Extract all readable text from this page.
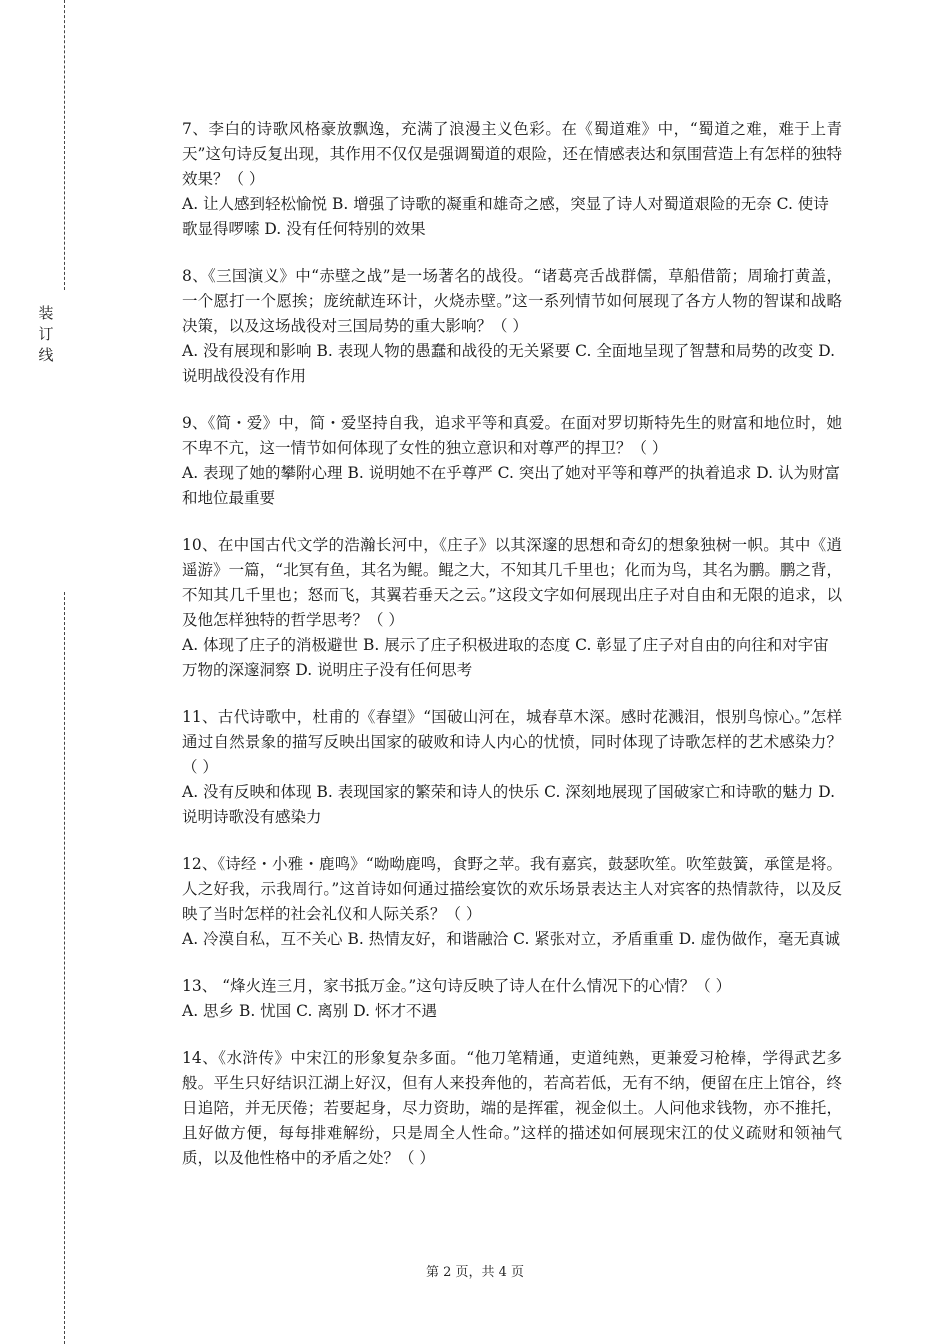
装
订
线

7、李白的诗歌风格豪放飘逸，充满了浪漫主义色彩。在《蜀道难》中，“蜀道之难，难于上青天”这句诗反复出现，其作用不仅仅是强调蜀道的艰险，还在情感表达和氛围营造上有怎样的独特效果？（ ）

A. 让人感到轻松愉悦 B. 增强了诗歌的凝重和雄奇之感，突显了诗人对蜀道艰险的无奈 C. 使诗歌显得啰嗦 D. 没有任何特别的效果

8、《三国演义》中“赤壁之战”是一场著名的战役。“诸葛亮舌战群儒，草船借箭；周瑜打黄盖，一个愿打一个愿挨；庞统献连环计，火烧赤壁。”这一系列情节如何展现了各方人物的智谋和战略决策，以及这场战役对三国局势的重大影响？（ ）

A. 没有展现和影响 B. 表现人物的愚蠢和战役的无关紧要 C. 全面地呈现了智慧和局势的改变 D. 说明战役没有作用

9、《简・爱》中，简・爱坚持自我，追求平等和真爱。在面对罗切斯特先生的财富和地位时，她不卑不亢，这一情节如何体现了女性的独立意识和对尊严的捍卫？（ ）

A. 表现了她的攀附心理 B. 说明她不在乎尊严 C. 突出了她对平等和尊严的执着追求 D. 认为财富和地位最重要

10、在中国古代文学的浩瀚长河中，《庄子》以其深邃的思想和奇幻的想象独树一帜。其中《逍遥游》一篇，“北冥有鱼，其名为鲲。鲲之大，不知其几千里也；化而为鸟，其名为鹏。鹏之背，不知其几千里也；怒而飞，其翼若垂天之云。”这段文字如何展现出庄子对自由和无限的追求，以及他怎样独特的哲学思考？（ ）

A. 体现了庄子的消极避世 B. 展示了庄子积极进取的态度 C. 彰显了庄子对自由的向往和对宇宙万物的深邃洞察 D. 说明庄子没有任何思考

11、古代诗歌中，杜甫的《春望》“国破山河在，城春草木深。感时花溅泪，恨别鸟惊心。”怎样通过自然景象的描写反映出国家的破败和诗人内心的忧愤，同时体现了诗歌怎样的艺术感染力？（ ）

A. 没有反映和体现 B. 表现国家的繁荣和诗人的快乐 C. 深刻地展现了国破家亡和诗歌的魅力 D. 说明诗歌没有感染力

12、《诗经・小雅・鹿鸣》“呦呦鹿鸣，食野之苹。我有嘉宾，鼓瑟吹笙。吹笙鼓簧，承筐是将。人之好我，示我周行。”这首诗如何通过描绘宴饮的欢乐场景表达主人对宾客的热情款待，以及反映了当时怎样的社会礼仪和人际关系？（ ）

A. 冷漠自私，互不关心 B. 热情友好，和谐融洽 C. 紧张对立，矛盾重重 D. 虚伪做作，毫无真诚

13、 “烽火连三月，家书抵万金。”这句诗反映了诗人在什么情况下的心情？（ ）

A. 思乡 B. 忧国 C. 离别 D. 怀才不遇

14、《水浒传》中宋江的形象复杂多面。“他刀笔精通，吏道纯熟，更兼爱习枪棒，学得武艺多般。平生只好结识江湖上好汉，但有人来投奔他的，若高若低，无有不纳，便留在庄上馆谷，终日追陪，并无厌倦；若要起身，尽力资助，端的是挥霍，视金似土。人问他求钱物，亦不推托，且好做方便，每每排难解纷，只是周全人性命。”这样的描述如何展现宋江的仗义疏财和领袖气质，以及他性格中的矛盾之处？（ ）

第 2 页，共 4 页
